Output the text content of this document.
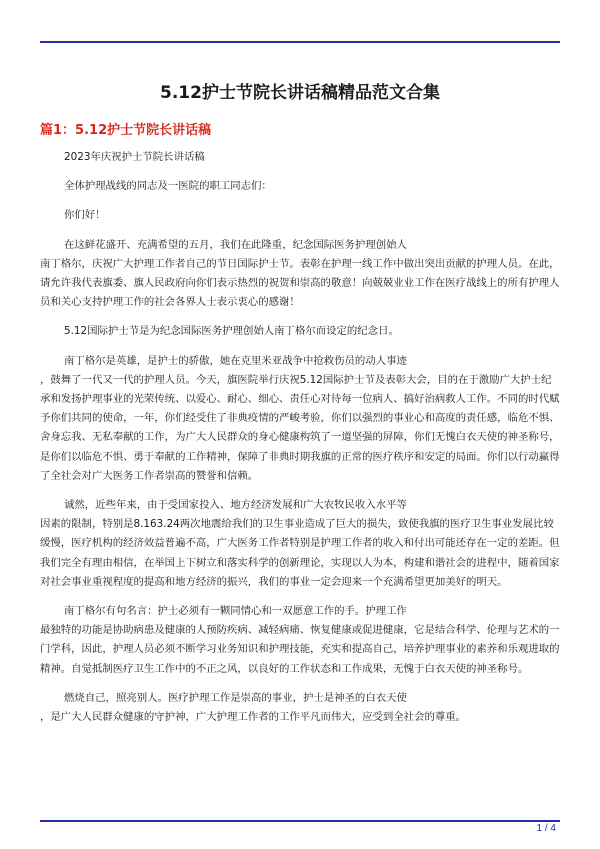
5.12护士节院长讲话稿精品范文合集
篇1：5.12护士节院长讲话稿

2023年庆祝护士节院长讲话稿

全体护理战线的同志及一医院的职工同志们：

你们好！

在这鲜花盛开、充满希望的五月，我们在此隆重，纪念国际医务护理创始人
南丁格尔，庆祝广大护理工作者自己的节日国际护士节。表彰在护理一线工作中做出突出贡献的护理人员。在此，请允许我代表旗委、旗人民政府向你们表示热烈的祝贺和崇高的敬意！向兢兢业业工作在医疗战线上的所有护理人员和关心支持护理工作的社会各界人士表示衷心的感谢！

5.12国际护士节是为纪念国际医务护理创始人南丁格尔而设定的纪念日。

南丁格尔是英雄，是护士的骄傲，她在克里米亚战争中抢救伤员的动人事迹
，鼓舞了一代又一代的护理人员。今天，旗医院举行庆祝5.12国际护士节及表彰大会，目的在于激励广大护士纪承和发扬护理事业的光荣传统、以爱心、耐心、细心、责任心对待每一位病人、搞好治病救人工作。不同的时代赋予你们共同的使命，一年，你们经受住了非典疫情的严峻考验，你们以强烈的事业心和高度的责任感，临危不惧、舍身忘我、无私奉献的工作，为广大人民群众的身心健康构筑了一道坚强的屏障，你们无愧白衣天使的神圣称号，是你们以临危不惧、勇于奉献的工作精神，保障了非典时期我旗的正常的医疗秩序和安定的局面。你们以行动赢得了全社会对广大医务工作者崇高的赞誉和信赖。

诚然，近些年来，由于受国家投入、地方经济发展和广大农牧民收入水平等
因素的限制，特别是8.163.24两次地震给我们的卫生事业造成了巨大的损失，致使我旗的医疗卫生事业发展比较缓慢，医疗机构的经济效益普遍不高，广大医务工作者特别是护理工作者的收入和付出可能还存在一定的差距。但我们完全有理由相信，在举国上下树立和落实科学的创新理论，实现以人为本，构建和谐社会的进程中，随着国家对社会事业重视程度的提高和地方经济的振兴，我们的事业一定会迎来一个充满希望更加美好的明天。

南丁格尔有句名言：护士必须有一颗同情心和一双愿意工作的手。护理工作
最独特的功能是协助病患及健康的人预防疾病、减轻病痛、恢复健康或促进健康，它是结合科学、伦理与艺术的一门学科，因此，护理人员必须不断学习业务知识和护理技能，充实和提高自己，培养护理事业的素养和乐观进取的精神。自觉抵制医疗卫生工作中的不正之风，以良好的工作状态和工作成果，无愧于白衣天使的神圣称号。

燃烧自己，照亮别人。医疗护理工作是崇高的事业，护士是神圣的白衣天使
，是广大人民群众健康的守护神，广大护理工作者的工作平凡而伟大，应受到全社会的尊重。

1 / 4
